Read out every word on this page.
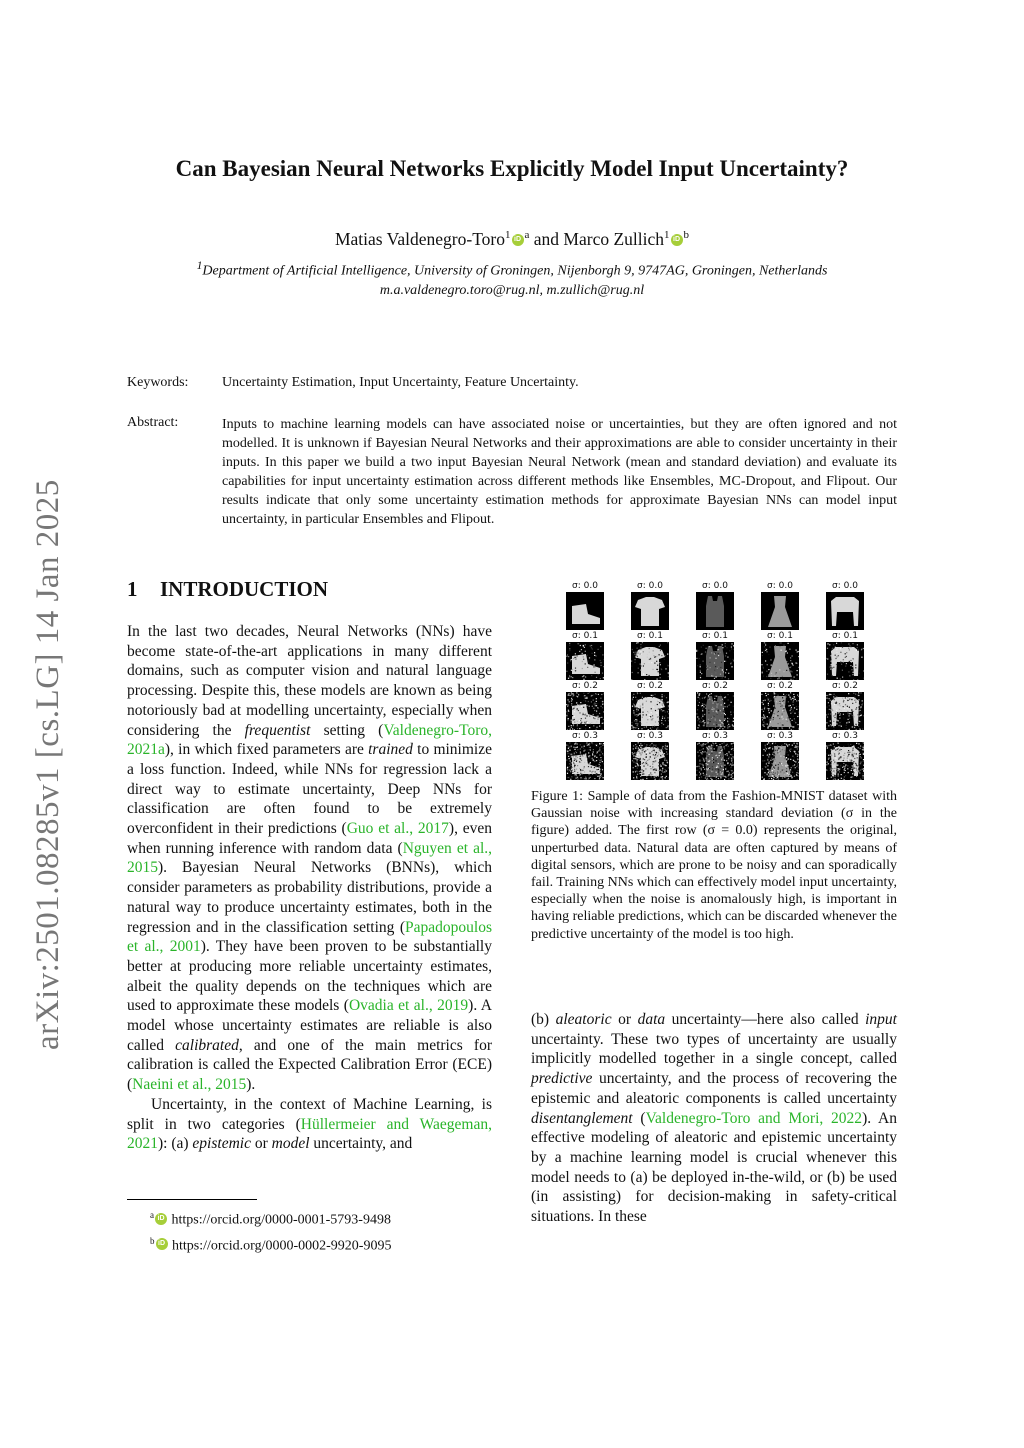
arXiv:2501.08285v1 [cs.LG] 14 Jan 2025
Can Bayesian Neural Networks Explicitly Model Input Uncertainty?
Matias Valdenegro-Toro$^1$ iD $^a$ and Marco Zullich$^1$ iD $^b$
$^1$Department of Artificial Intelligence, University of Groningen, Nijenborgh 9, 9747AG, Groningen, Netherlands
m.a.valdenegro.toro@rug.nl, m.zullich@rug.nl
Keywords: Uncertainty Estimation, Input Uncertainty, Feature Uncertainty.
Abstract:	Inputs to machine learning models can have associated noise or uncertainties, but they are often ignored and not modelled. It is unknown if Bayesian Neural Networks and their approximations are able to consider uncertainty in their inputs. In this paper we build a two input Bayesian Neural Network (mean and standard deviation) and evaluate its capabilities for input uncertainty estimation across different methods like Ensembles, MC-Dropout, and Flipout. Our results indicate that only some uncertainty estimation methods for approximate Bayesian NNs can model input uncertainty, in particular Ensembles and Flipout.
1 INTRODUCTION

In the last two decades, Neural Networks (NNs) have become state-of-the-art applications in many different domains, such as computer vision and natural language processing. Despite this, these models are known as being notoriously bad at modelling uncertainty, especially when considering the frequentist setting (Valdenegro-Toro, 2021a), in which fixed parameters are trained to minimize a loss function. Indeed, while NNs for regression lack a direct way to estimate uncertainty, Deep NNs for classification are often found to be extremely overconfident in their predictions (Guo et al., 2017), even when running inference with random data (Nguyen et al., 2015). Bayesian Neural Networks (BNNs), which consider parameters as probability distributions, provide a natural way to produce uncertainty estimates, both in the regression and in the classification setting (Papadopoulos et al., 2001). They have been proven to be substantially better at producing more reliable uncertainty estimates, albeit the quality depends on the techniques which are used to approximate these models (Ovadia et al., 2019). A model whose uncertainty estimates are reliable is also called calibrated, and one of the main metrics for calibration is called the Expected Calibration Error (ECE) (Naeini et al., 2015).

Uncertainty, in the context of Machine Learning, is split in two categories (Hüllermeier and Waegeman, 2021): (a) epistemic or model uncertainty, and

$^a$ iD https://orcid.org/0000-0001-5793-9498
$^b$ iD https://orcid.org/0000-0002-9920-9095
σ: 0.0	σ: 0.0	σ: 0.0	σ: 0.0	σ: 0.0
σ: 0.1	σ: 0.1	σ: 0.1	σ: 0.1	σ: 0.1
σ: 0.2	σ: 0.2	σ: 0.2	σ: 0.2	σ: 0.2
σ: 0.3	σ: 0.3	σ: 0.3	σ: 0.3	σ: 0.3
Figure 1: Sample of data from the Fashion-MNIST dataset with Gaussian noise with increasing standard deviation (σ in the figure) added. The first row (σ = 0.0) represents the original, unperturbed data. Natural data are often captured by means of digital sensors, which are prone to be noisy and can sporadically fail. Training NNs which can effectively model input uncertainty, especially when the noise is anomalously high, is important in having reliable predictions, which can be discarded whenever the predictive uncertainty of the model is too high.
(b) aleatoric or data uncertainty—here also called input uncertainty. These two types of uncertainty are usually implicitly modelled together in a single concept, called predictive uncertainty, and the process of recovering the epistemic and aleatoric components is called uncertainty disentanglement (Valdenegro-Toro and Mori, 2022). An effective modeling of aleatoric and epistemic uncertainty by a machine learning model is crucial whenever this model needs to (a) be deployed in-the-wild, or (b) be used (in assisting) for decision-making in safety-critical situations. In these
